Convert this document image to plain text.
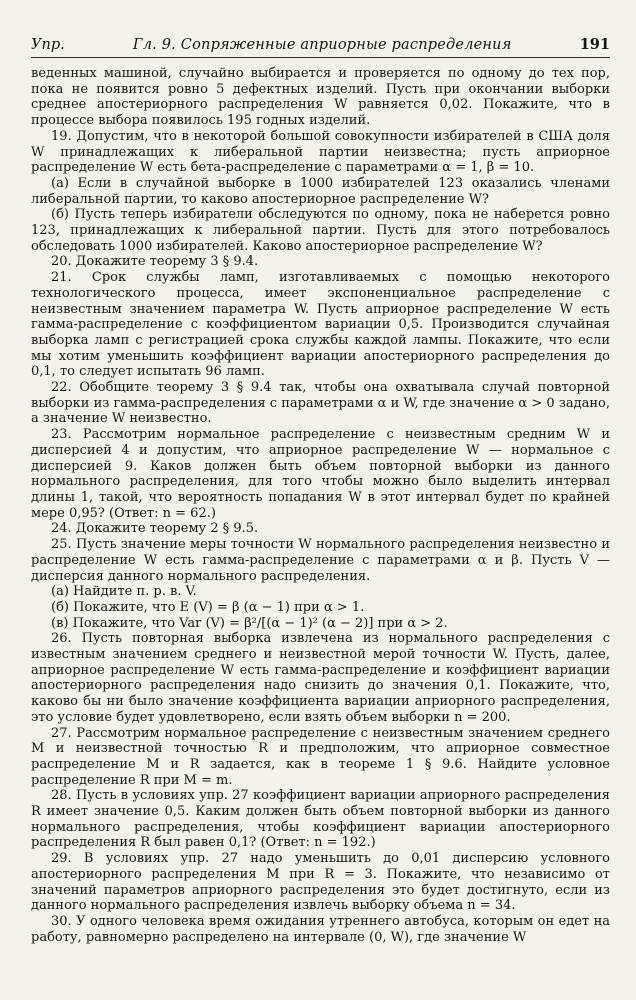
Упр.	Гл. 9. Сопряженные априорные распределения	191

веденных машиной, случайно выбирается и проверяется по одному до тех пор, пока не появится ровно 5 дефектных изделий. Пусть при окончании выборки среднее апостериорного распределения W равняется 0,02. Покажите, что в процессе выбора появилось 195 годных изделий.

19. Допустим, что в некоторой большой совокупности избирателей в США доля W принадлежащих к либеральной партии неизвестна; пусть априорное распределение W есть бета-распределение с параметрами α = 1, β = 10.

(а) Если в случайной выборке в 1000 избирателей 123 оказались членами либеральной партии, то каково апостериорное распределение W?

(б) Пусть теперь избиратели обследуются по одному, пока не наберется ровно 123, принадлежащих к либеральной партии. Пусть для этого потребовалось обследовать 1000 избирателей. Каково апостериорное распределение W?

20. Докажите теорему 3 § 9.4.

21. Срок службы ламп, изготавливаемых с помощью некоторого технологического процесса, имеет экспоненциальное распределение с неизвестным значением параметра W. Пусть априорное распределение W есть гамма-распределение с коэффициентом вариации 0,5. Производится случайная выборка ламп с регистрацией срока службы каждой лампы. Покажите, что если мы хотим уменьшить коэффициент вариации апостериорного распределения до 0,1, то следует испытать 96 ламп.

22. Обобщите теорему 3 § 9.4 так, чтобы она охватывала случай повторной выборки из гамма-распределения с параметрами α и W, где значение α > 0 задано, а значение W неизвестно.

23. Рассмотрим нормальное распределение с неизвестным средним W и дисперсией 4 и допустим, что априорное распределение W — нормальное с дисперсией 9. Каков должен быть объем повторной выборки из данного нормального распределения, для того чтобы можно было выделить интервал длины 1, такой, что вероятность попадания W в этот интервал будет по крайней мере 0,95? (Ответ: n = 62.)

24. Докажите теорему 2 § 9.5.

25. Пусть значение меры точности W нормального распределения неизвестно и распределение W есть гамма-распределение с параметрами α и β. Пусть V — дисперсия данного нормального распределения.

(а) Найдите п. р. в. V.

(б) Покажите, что E (V) = β (α − 1) при α > 1.

(в) Покажите, что Var (V) = β²/[(α − 1)² (α − 2)] при α > 2.

26. Пусть повторная выборка извлечена из нормального распределения с известным значением среднего и неизвестной мерой точности W. Пусть, далее, априорное распределение W есть гамма-распределение и коэффициент вариации апостериорного распределения надо снизить до значения 0,1. Покажите, что, каково бы ни было значение коэффициента вариации априорного распределения, это условие будет удовлетворено, если взять объем выборки n = 200.

27. Рассмотрим нормальное распределение с неизвестным значением среднего M и неизвестной точностью R и предположим, что априорное совместное распределение M и R задается, как в теореме 1 § 9.6. Найдите условное распределение R при M = m.

28. Пусть в условиях упр. 27 коэффициент вариации априорного распределения R имеет значение 0,5. Каким должен быть объем повторной выборки из данного нормального распределения, чтобы коэффициент вариации апостериорного распределения R был равен 0,1? (Ответ: n = 192.)

29. В условиях упр. 27 надо уменьшить до 0,01 дисперсию условного апостериорного распределения M при R = 3. Покажите, что независимо от значений параметров априорного распределения это будет достигнуто, если из данного нормального распределения извлечь выборку объема n = 34.

30. У одного человека время ожидания утреннего автобуса, которым он едет на работу, равномерно распределено на интервале (0, W), где значение W
